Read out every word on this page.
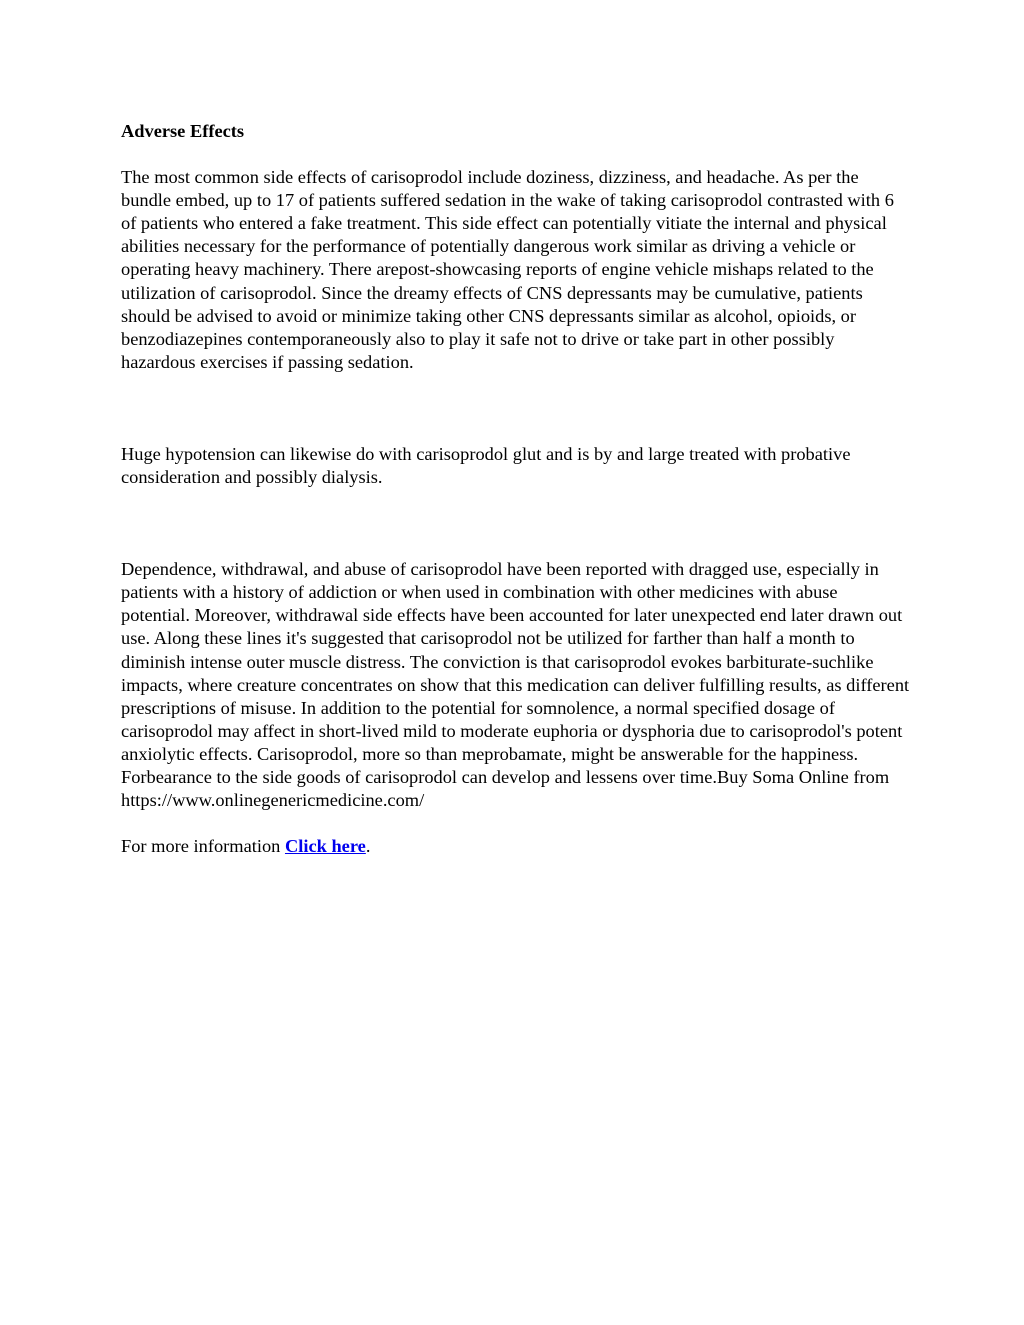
Adverse Effects

The most common side effects of carisoprodol include doziness, dizziness, and headache. As per the bundle embed, up to 17 of patients suffered sedation in the wake of taking carisoprodol contrasted with 6 of patients who entered a fake treatment. This side effect can potentially vitiate the internal and physical abilities necessary for the performance of potentially dangerous work similar as driving a vehicle or operating heavy machinery. There arepost-showcasing reports of engine vehicle mishaps related to the utilization of carisoprodol. Since the dreamy effects of CNS depressants may be cumulative, patients should be advised to avoid or minimize taking other CNS depressants similar as alcohol, opioids, or benzodiazepines contemporaneously also to play it safe not to drive or take part in other possibly hazardous exercises if passing sedation.

Huge hypotension can likewise do with carisoprodol glut and is by and large treated with probative consideration and possibly dialysis.

Dependence, withdrawal, and abuse of carisoprodol have been reported with dragged use, especially in patients with a history of addiction or when used in combination with other medicines with abuse potential. Moreover, withdrawal side effects have been accounted for later unexpected end later drawn out use. Along these lines it's suggested that carisoprodol not be utilized for farther than half a month to diminish intense outer muscle distress. The conviction is that carisoprodol evokes barbiturate-suchlike impacts, where creature concentrates on show that this medication can deliver fulfilling results, as different prescriptions of misuse. In addition to the potential for somnolence, a normal specified dosage of carisoprodol may affect in short-lived mild to moderate euphoria or dysphoria due to carisoprodol's potent anxiolytic effects. Carisoprodol, more so than meprobamate, might be answerable for the happiness. Forbearance to the side goods of carisoprodol can develop and lessens over time.Buy Soma Online from https://www.onlinegenericmedicine.com/

For more information Click here.
